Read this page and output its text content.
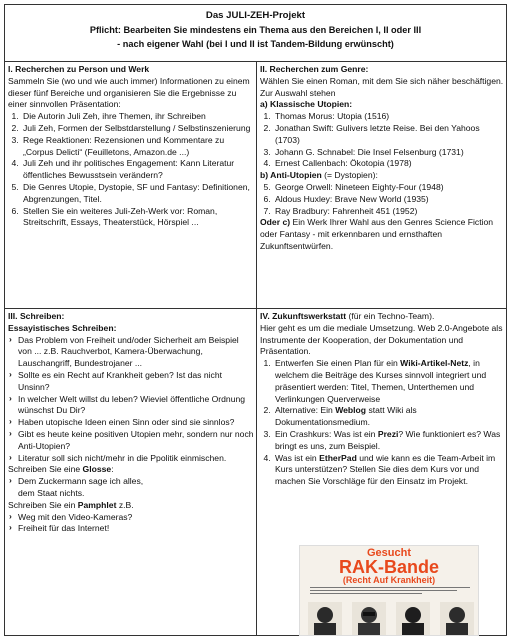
Das JULI-ZEH-Projekt
Pflicht: Bearbeiten Sie mindestens ein Thema aus den Bereichen I, II oder III
- nach eigener Wahl (bei I und II ist Tandem-Bildung erwünscht)
I. Recherchen zu Person und Werk
Sammeln Sie (wo und wie auch immer) Informationen zu einem dieser fünf Bereiche und organisieren Sie die Ergebnisse zu einer sinnvollen Präsentation:
1. Die Autorin Juli Zeh, ihre Themen, ihr Schreiben
2. Juli Zeh, Formen der Selbstdarstellung / Selbstinszenierung
3. Rege Reaktionen: Rezensionen und Kommentare zu „Corpus Delicti“ (Feuilletons, Amazon.de ...)
4. Juli Zeh und ihr politisches Engagement: Kann Literatur öffentliches Bewusstsein verändern?
5. Die Genres Utopie, Dystopie, SF und Fantasy: Definitionen, Abgrenzungen, Titel.
6. Stellen Sie ein weiteres Juli-Zeh-Werk vor: Roman, Streitschrift, Essays, Theaterstück, Hörspiel ...
II. Recherchen zum Genre:
Wählen Sie einen Roman, mit dem Sie sich näher beschäftigen. Zur Auswahl stehen
a) Klassische Utopien:
1. Thomas Morus: Utopia (1516)
2. Jonathan Swift: Gulivers letzte Reise. Bei den Yahoos (1703)
3. Johann G. Schnabel: Die Insel Felsenburg (1731)
4. Ernest Callenbach: Ökotopia (1978)
b) Anti-Utopien (= Dystopien):
5. George Orwell: Nineteen Eighty-Four (1948)
6. Aldous Huxley: Brave New World (1935)
7. Ray Bradbury: Fahrenheit 451 (1952)
Oder c) Ein Werk Ihrer Wahl aus den Genres Science Fiction oder Fantasy - mit erkennbaren und ernsthaften Zukunftsentwürfen.
III. Schreiben:
Essayistisches Schreiben:
› Das Problem von Freiheit und/oder Sicherheit am Beispiel von ... z.B. Rauchverbot, Kamera-Überwachung, Lauschangriff, Bundestrojaner ...
› Sollte es ein Recht auf Krankheit geben? Ist das nicht Unsinn?
› In welcher Welt willst du leben? Wieviel öffentliche Ordnung wünschst Du Dir?
› Haben utopische Ideen einen Sinn oder sind sie sinnlos?
› Gibt es heute keine positiven Utopien mehr, sondern nur noch Anti-Utopien?
› Literatur soll sich nicht/mehr in die Ppolitik einmischen.
Schreiben Sie eine Glosse:
› Dem Zuckermann sage ich alles,
dem Staat nichts.
Schreiben Sie ein Pamphlet z.B.
› Weg mit den Video-Kameras?
› Freiheit für das Internet!
IV. Zukunftswerkstatt (für ein Techno-Team).
Hier geht es um die mediale Umsetzung. Web 2.0-Angebote als Instrumente der Kooperation, der Dokumentation und Präsentation.
1. Entwerfen Sie einen Plan für ein Wiki-Artikel-Netz, in welchem die Beiträge des Kurses sinnvoll integriert und präsentiert werden: Titel, Themen, Unterthemen und Verlinkungen Querverweise
2. Alternative: Ein Weblog statt Wiki als Dokumentationsmedium.
3. Ein Crashkurs: Was ist ein Prezi? Wie funktioniert es? Was bringt es uns, zum Beispiel.
4. Was ist ein EtherPad und wie kann es die Team-Arbeit im Kurs unterstützen? Stellen Sie dies dem Kurs vor und machen Sie Vorschläge für den Einsatz im Projekt.
Gesucht
RAK-Bande
(Recht Auf Krankheit)
